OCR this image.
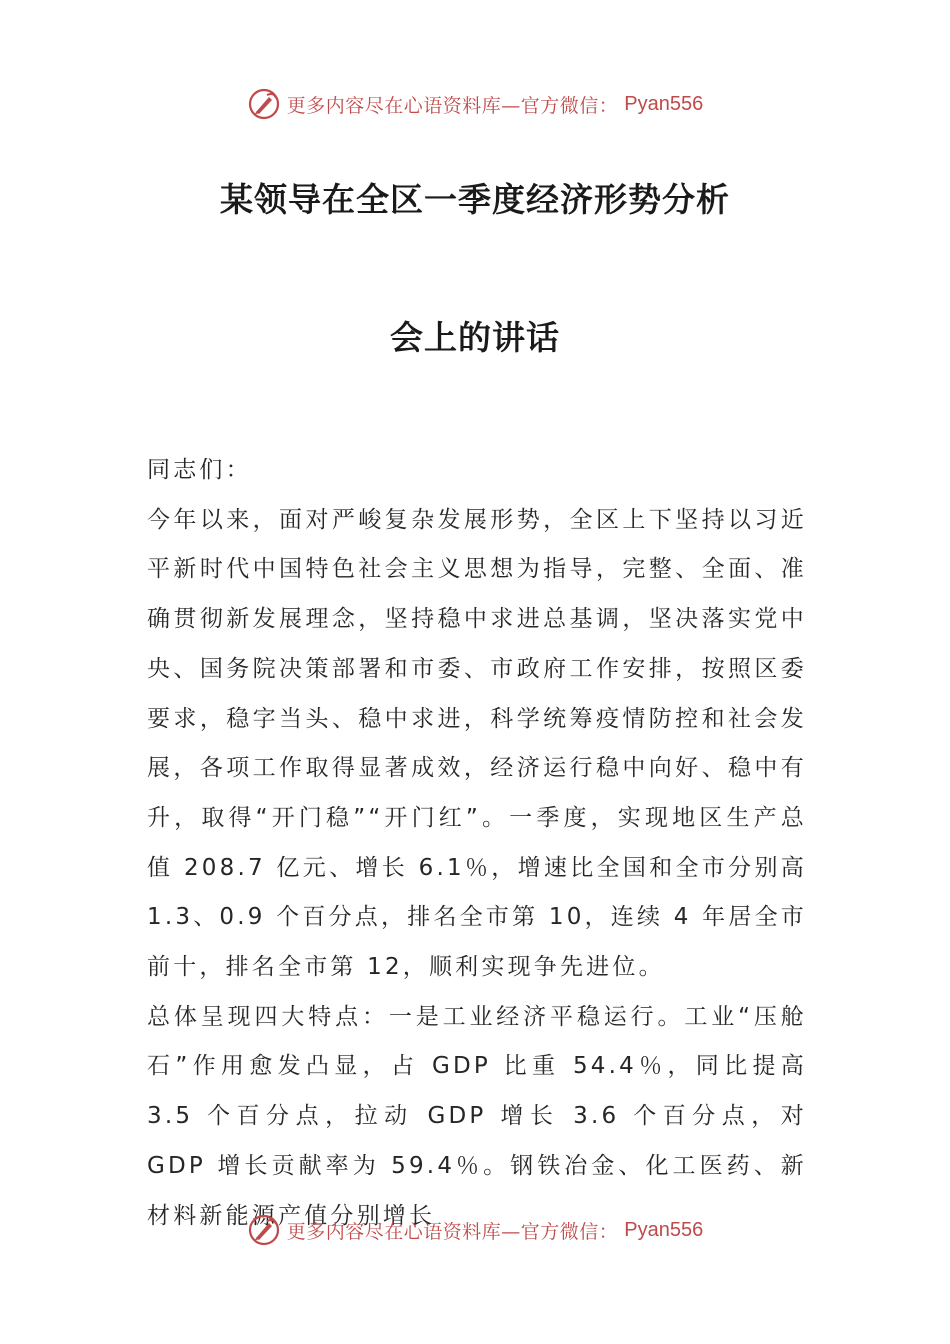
更多内容尽在心语资料库—官方微信： Pyan556
某领导在全区一季度经济形势分析
会上的讲话

同志们：

今年以来，面对严峻复杂发展形势，全区上下坚持以习近平新时代中国特色社会主义思想为指导，完整、全面、准确贯彻新发展理念，坚持稳中求进总基调，坚决落实党中央、国务院决策部署和市委、市政府工作安排，按照区委要求，稳字当头、稳中求进，科学统筹疫情防控和社会发展，各项工作取得显著成效，经济运行稳中向好、稳中有升，取得“开门稳”“开门红”。一季度，实现地区生产总值 208.7 亿元、增长 6.1％，增速比全国和全市分别高 1.3、0.9 个百分点，排名全市第 10，连续 4 年居全市前十，排名全市第 12，顺利实现争先进位。

总体呈现四大特点：一是工业经济平稳运行。工业“压舱石”作用愈发凸显，占 GDP 比重 54.4％，同比提高 3.5 个百分点，拉动 GDP 增长 3.6 个百分点，对 GDP 增长贡献率为 59.4％。钢铁冶金、化工医药、新材料新能源产值分别增长

更多内容尽在心语资料库—官方微信： Pyan556
